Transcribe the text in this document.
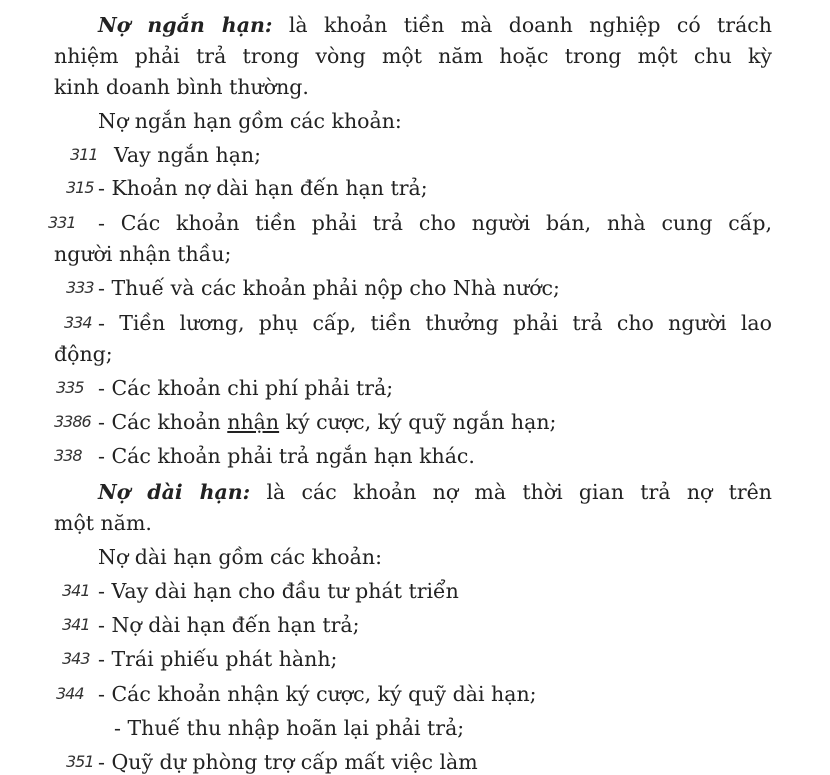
Nợ ngắn hạn: là khoản tiền mà doanh nghiệp có trách
nhiệm phải trả trong vòng một năm hoặc trong một chu kỳ
kinh doanh bình thường.
Nợ ngắn hạn gồm các khoản:
311 Vay ngắn hạn;
315 - Khoản nợ dài hạn đến hạn trả;
331	- Các khoản tiền phải trả cho người bán, nhà cung cấp,
người nhận thầu;
333 - Thuế và các khoản phải nộp cho Nhà nước;
334 - Tiền lương, phụ cấp, tiền thưởng phải trả cho người lao
động;
335 - Các khoản chi phí phải trả;
3386 - Các khoản nhận ký cược, ký quỹ ngắn hạn;
338 - Các khoản phải trả ngắn hạn khác.
Nợ dài hạn: là các khoản nợ mà thời gian trả nợ trên
một năm.
Nợ dài hạn gồm các khoản:
341 - Vay dài hạn cho đầu tư phát triển
341 - Nợ dài hạn đến hạn trả;
343 - Trái phiếu phát hành;
344 - Các khoản nhận ký cược, ký quỹ dài hạn;
- Thuế thu nhập hoãn lại phải trả;
351 - Quỹ dự phòng trợ cấp mất việc làm
